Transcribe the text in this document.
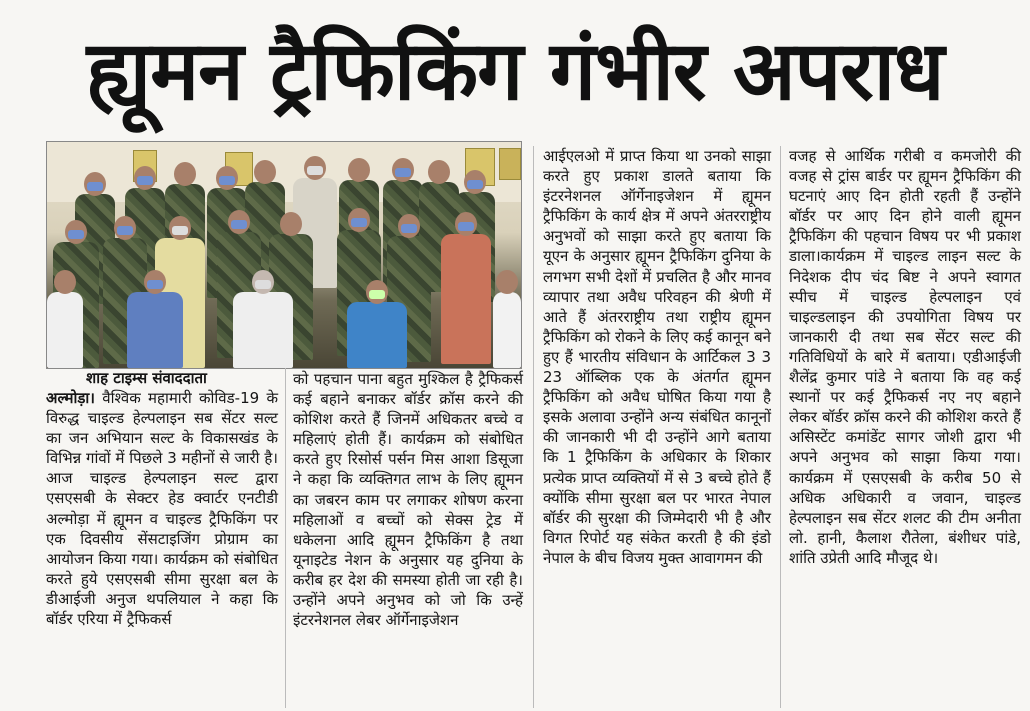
ह्यूमन ट्रैफिकिंग गंभीर अपराध
शाह टाइम्स संवाददाता

अल्मोड़ा। वैश्विक महामारी कोविड-19 के विरुद्ध चाइल्ड हेल्पलाइन सब सेंटर सल्ट का जन अभियान सल्ट के विकासखंड के विभिन्न गांवों में पिछले 3 महीनों से जारी है। आज चाइल्ड हेल्पलाइन सल्ट द्वारा एसएसबी के सेक्टर हेड क्वार्टर एनटीडी अल्मोड़ा में ह्यूमन व चाइल्ड ट्रैफिकिंग पर एक दिवसीय सेंसटाइजिंग प्रोग्राम का आयोजन किया गया। कार्यक्रम को संबोधित करते हुये एसएसबी सीमा सुरक्षा बल के डीआईजी अनुज थपलियाल ने कहा कि बॉर्डर एरिया में ट्रैफिकर्स

को पहचान पाना बहुत मुश्किल है ट्रैफिकर्स कई बहाने बनाकर बॉर्डर क्रॉस करने की कोशिश करते हैं जिनमें अधिकतर बच्चे व महिलाएं होती हैं। कार्यक्रम को संबोधित करते हुए रिसोर्स पर्सन मिस आशा डिसूजा ने कहा कि व्यक्तिगत लाभ के लिए ह्यूमन का जबरन काम पर लगाकर शोषण करना महिलाओं व बच्चों को सेक्स ट्रेड में धकेलना आदि ह्यूमन ट्रैफिकिंग है तथा यूनाइटेड नेशन के अनुसार यह दुनिया के करीब हर देश की समस्या होती जा रही है। उन्होंने अपने अनुभव को जो कि उन्हें इंटरनेशनल लेबर ऑर्गेनाइजेशन

आईएलओ में प्राप्त किया था उनको साझा करते हुए प्रकाश डालते बताया कि इंटरनेशनल ऑर्गेनाइजेशन में ह्यूमन ट्रैफिकिंग के कार्य क्षेत्र में अपने अंतरराष्ट्रीय अनुभवों को साझा करते हुए बताया कि यूएन के अनुसार ह्यूमन ट्रैफिकिंग दुनिया के लगभग सभी देशों में प्रचलित है और मानव व्यापार तथा अवैध परिवहन की श्रेणी में आते हैं अंतरराष्ट्रीय तथा राष्ट्रीय ह्यूमन ट्रैफिकिंग को रोकने के लिए कई कानून बने हुए हैं भारतीय संविधान के आर्टिकल 3 3 23 ऑब्लिक एक के अंतर्गत ह्यूमन ट्रैफिकिंग को अवैध घोषित किया गया है इसके अलावा उन्होंने अन्य संबंधित कानूनों की जानकारी भी दी उन्होंने आगे बताया कि 1 ट्रैफिकिंग के अधिकार के शिकार प्रत्येक प्राप्त व्यक्तियों में से 3 बच्चे होते हैं क्योंकि सीमा सुरक्षा बल पर भारत नेपाल बॉर्डर की सुरक्षा की जिम्मेदारी भी है और विगत रिपोर्ट यह संकेत करती है की इंडो नेपाल के बीच विजय मुक्त आवागमन की

वजह से आर्थिक गरीबी व कमजोरी की वजह से ट्रांस बार्डर पर ह्यूमन ट्रैफिकिंग की घटनाएं आए दिन होती रहती हैं उन्होंने बॉर्डर पर आए दिन होने वाली ह्यूमन ट्रैफिकिंग की पहचान विषय पर भी प्रकाश डाला।कार्यक्रम में चाइल्ड लाइन सल्ट के निदेशक दीप चंद बिष्ट ने अपने स्वागत स्पीच में चाइल्ड हेल्पलाइन एवं चाइल्डलाइन की उपयोगिता विषय पर जानकारी दी तथा सब सेंटर सल्ट की गतिविधियों के बारे में बताया। एडीआईजी शैलेंद्र कुमार पांडे ने बताया कि वह कई स्थानों पर कई ट्रैफिकर्स नए नए बहाने लेकर बॉर्डर क्रॉस करने की कोशिश करते हैं असिस्टेंट कमांडेंट सागर जोशी द्वारा भी अपने अनुभव को साझा किया गया। कार्यक्रम में एसएसबी के करीब 50 से अधिक अधिकारी व जवान, चाइल्ड हेल्पलाइन सब सेंटर शलट की टीम अनीता लो. हानी, कैलाश रौतेला, बंशीधर पांडे, शांति उप्रेती आदि मौजूद थे।
